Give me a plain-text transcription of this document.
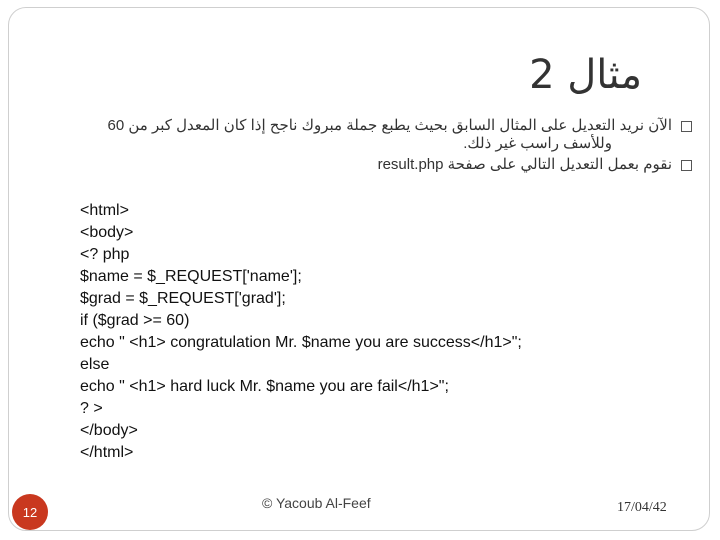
مثال 2
الآن نريد التعديل على المثال السابق بحيث يطبع جملة مبروك ناجح إذا كان المعدل كبر من 60
وللأسف راسب غير ذلك.
نقوم بعمل التعديل التالي على صفحة result.php

<html>
<body>
<? php
$name = $_REQUEST['name'];
$grad = $_REQUEST['grad'];
if ($grad >= 60)
echo " <h1> congratulation Mr. $name you are success</h1>";
else
echo " <h1> hard luck Mr. $name you are fail</h1>";
? >
</body>
</html>

12
© Yacoub Al-Feef	17/04/42
